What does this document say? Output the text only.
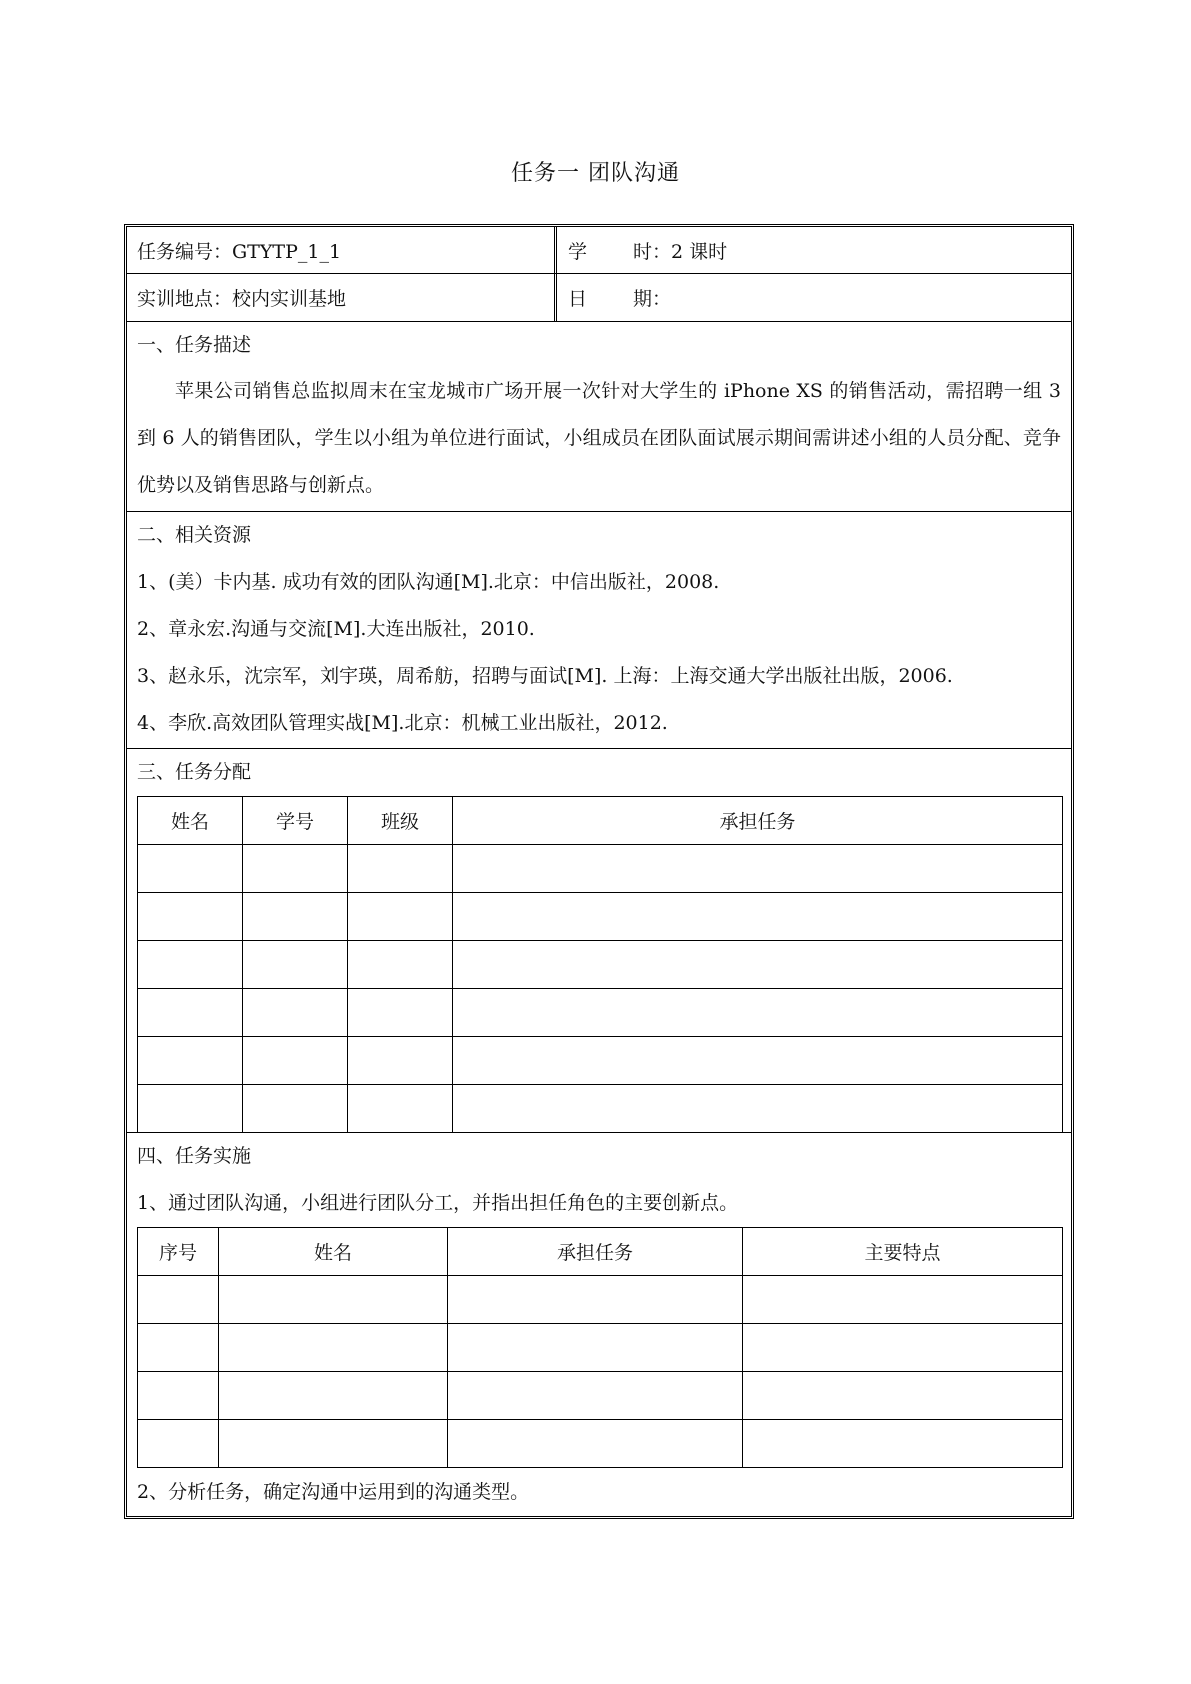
任务一 团队沟通
任务编号：GTYTP_1_1	学 时：2 课时
实训地点：校内实训基地	日 期：
一、任务描述
苹果公司销售总监拟周末在宝龙城市广场开展一次针对大学生的 iPhone XS 的销售活动，需招聘一组 3 到 6 人的销售团队，学生以小组为单位进行面试，小组成员在团队面试展示期间需讲述小组的人员分配、竞争优势以及销售思路与创新点。
二、相关资源
1、(美）卡内基. 成功有效的团队沟通[M].北京：中信出版社，2008.
2、章永宏.沟通与交流[M].大连出版社，2010.
3、赵永乐，沈宗军，刘宇瑛，周希舫，招聘与面试[M]. 上海：上海交通大学出版社出版，2006.
4、李欣.高效团队管理实战[M].北京：机械工业出版社，2012.
三、任务分配
姓名	学号	班级	承担任务

四、任务实施
1、通过团队沟通，小组进行团队分工，并指出担任角色的主要创新点。
序号	姓名	承担任务	主要特点

2、分析任务，确定沟通中运用到的沟通类型。
